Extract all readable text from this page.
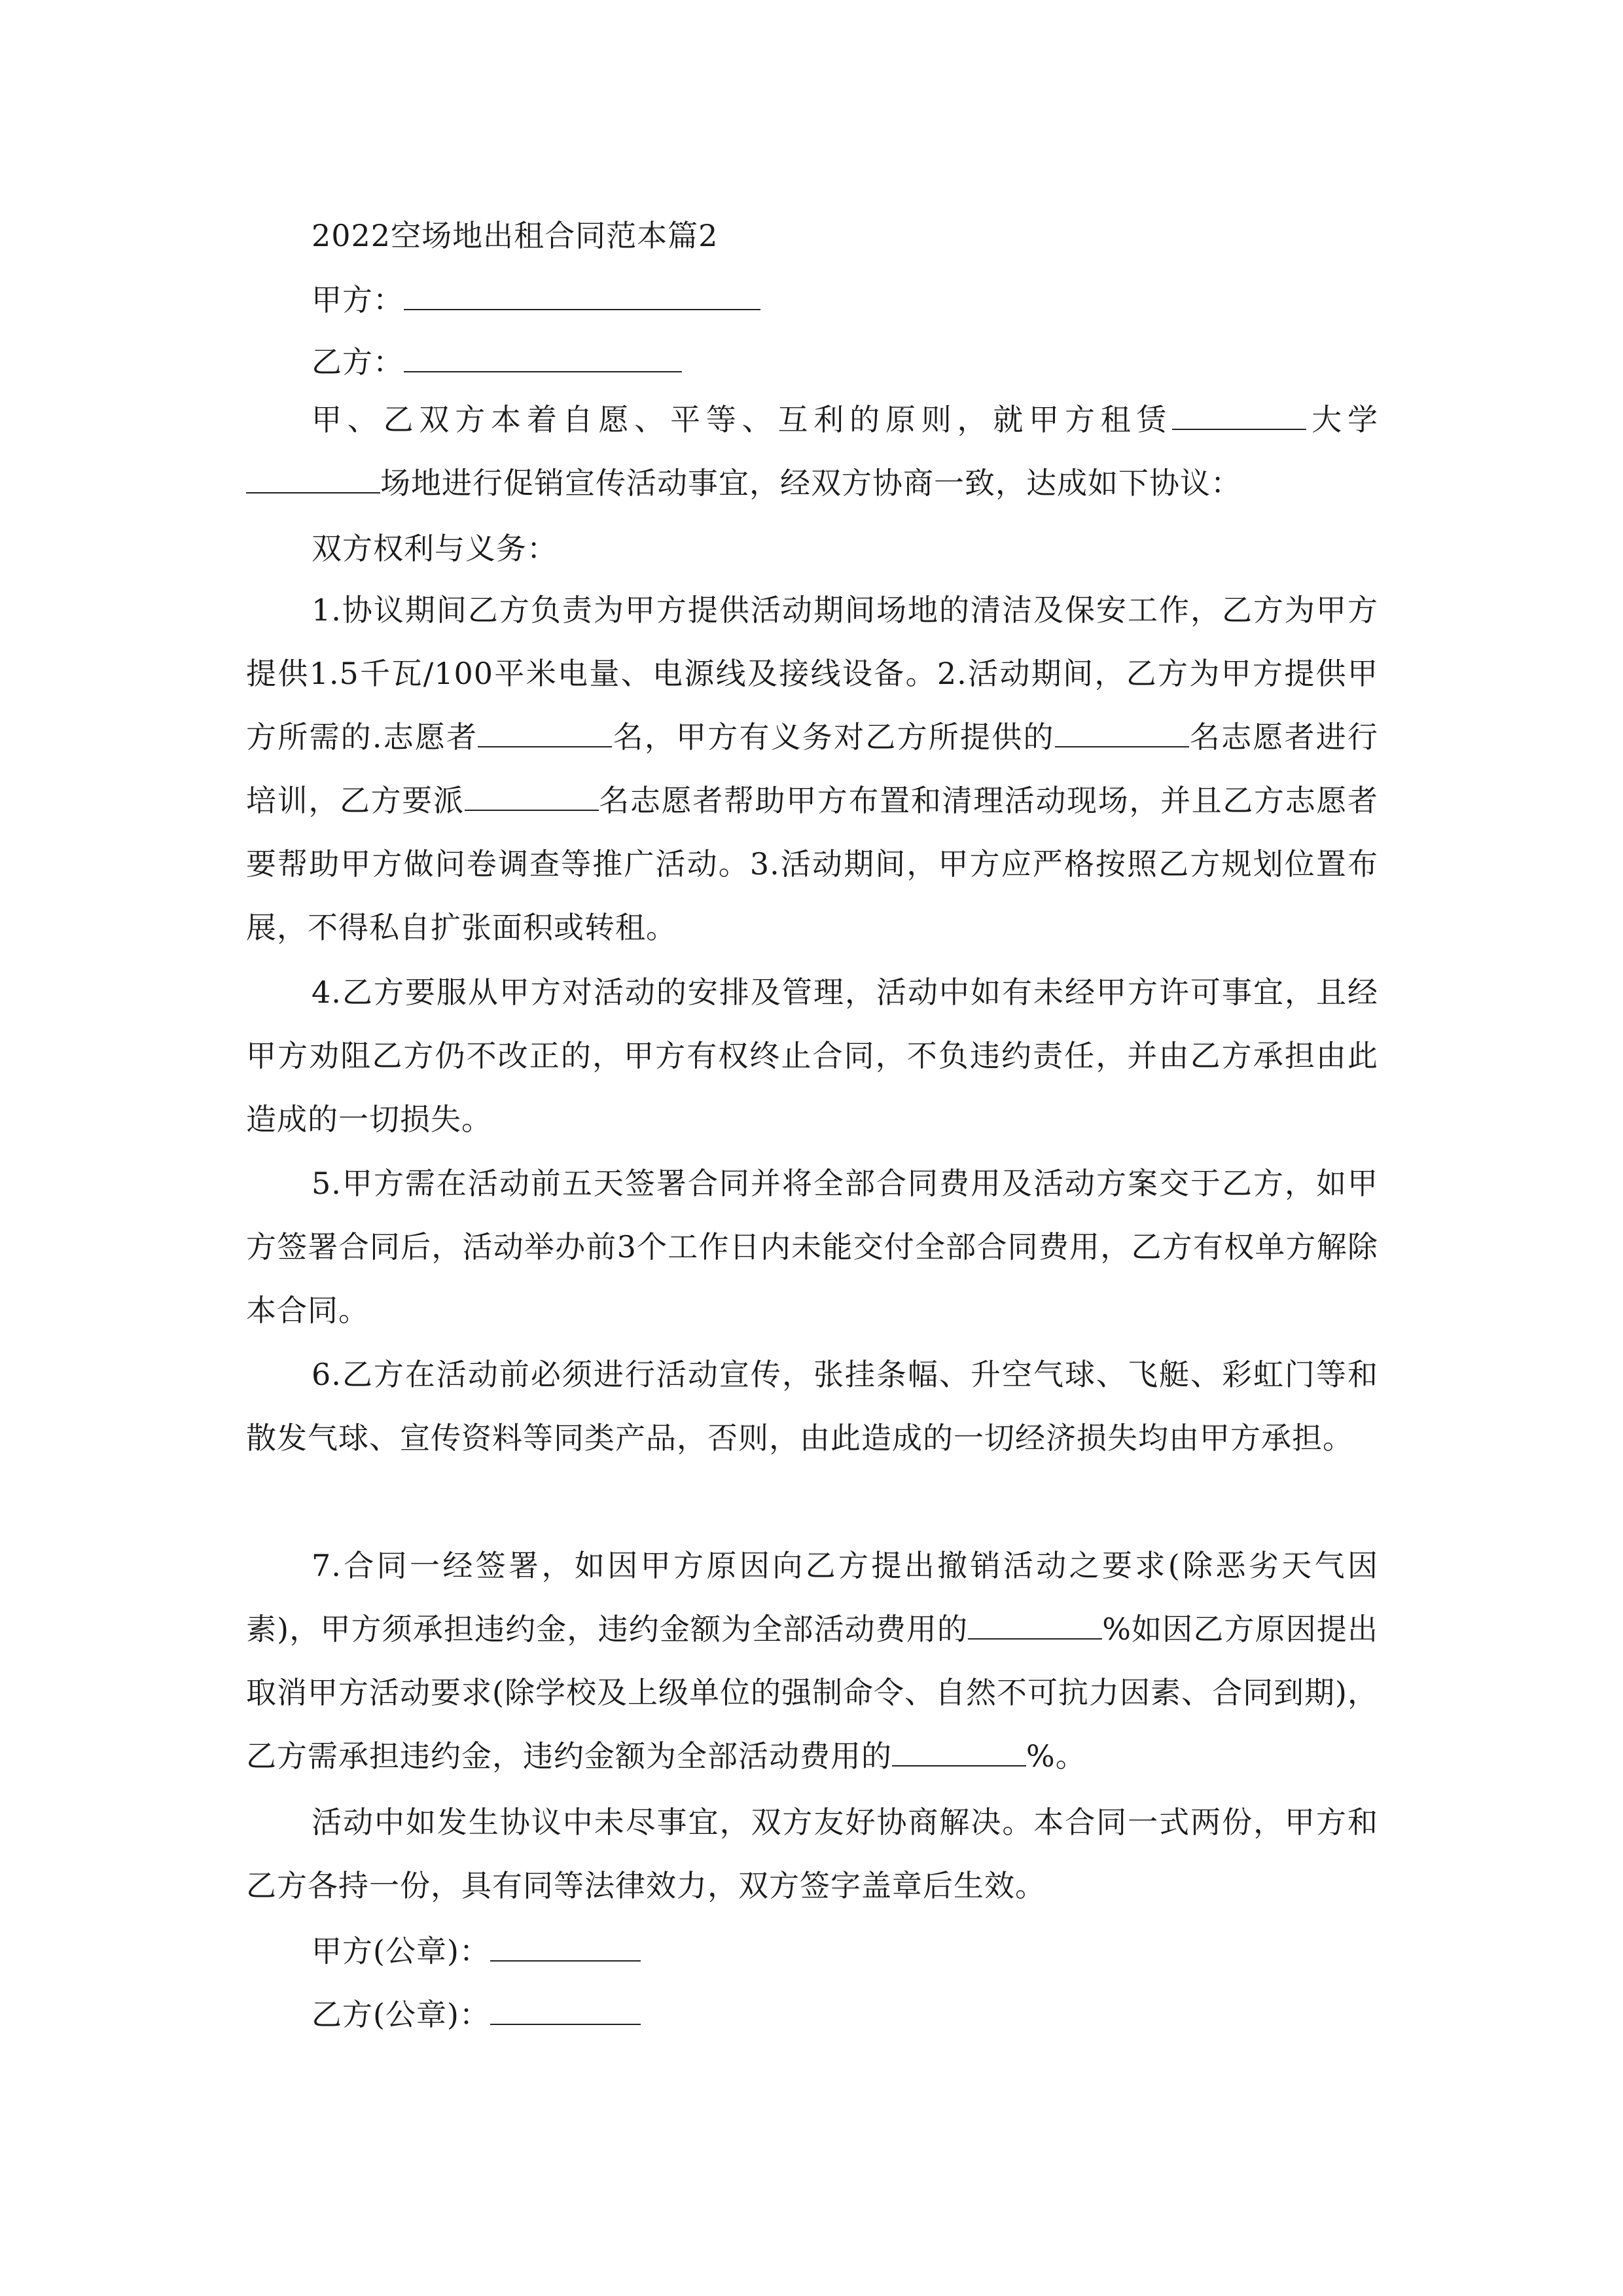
2022空场地出租合同范本篇2
甲方：
乙方：
甲、乙双方本着自愿、平等、互利的原则，就甲方租赁	大学场地进行促销宣传活动事宜，经双方协商一致，达成如下协议：
双方权利与义务：
1.协议期间乙方负责为甲方提供活动期间场地的清洁及保安工作，乙方为甲方提供1.5千瓦/100平米电量、电源线及接线设备。2.活动期间，乙方为甲方提供甲方所需的.志愿者	名，甲方有义务对乙方所提供的	名志愿者进行培训，乙方要派	名志愿者帮助甲方布置和清理活动现场，并且乙方志愿者要帮助甲方做问卷调查等推广活动。3.活动期间，甲方应严格按照乙方规划位置布展，不得私自扩张面积或转租。
4.乙方要服从甲方对活动的安排及管理，活动中如有未经甲方许可事宜，且经甲方劝阻乙方仍不改正的，甲方有权终止合同，不负违约责任，并由乙方承担由此造成的一切损失。
5.甲方需在活动前五天签署合同并将全部合同费用及活动方案交于乙方，如甲方签署合同后，活动举办前3个工作日内未能交付全部合同费用，乙方有权单方解除本合同。
6.乙方在活动前必须进行活动宣传，张挂条幅、升空气球、飞艇、彩虹门等和散发气球、宣传资料等同类产品，否则，由此造成的一切经济损失均由甲方承担。
7.合同一经签署，如因甲方原因向乙方提出撤销活动之要求(除恶劣天气因素)，甲方须承担违约金，违约金额为全部活动费用的	%如因乙方原因提出取消甲方活动要求(除学校及上级单位的强制命令、自然不可抗力因素、合同到期)，乙方需承担违约金，违约金额为全部活动费用的	%。
活动中如发生协议中未尽事宜，双方友好协商解决。本合同一式两份，甲方和乙方各持一份，具有同等法律效力，双方签字盖章后生效。
甲方(公章)：
乙方(公章)：
